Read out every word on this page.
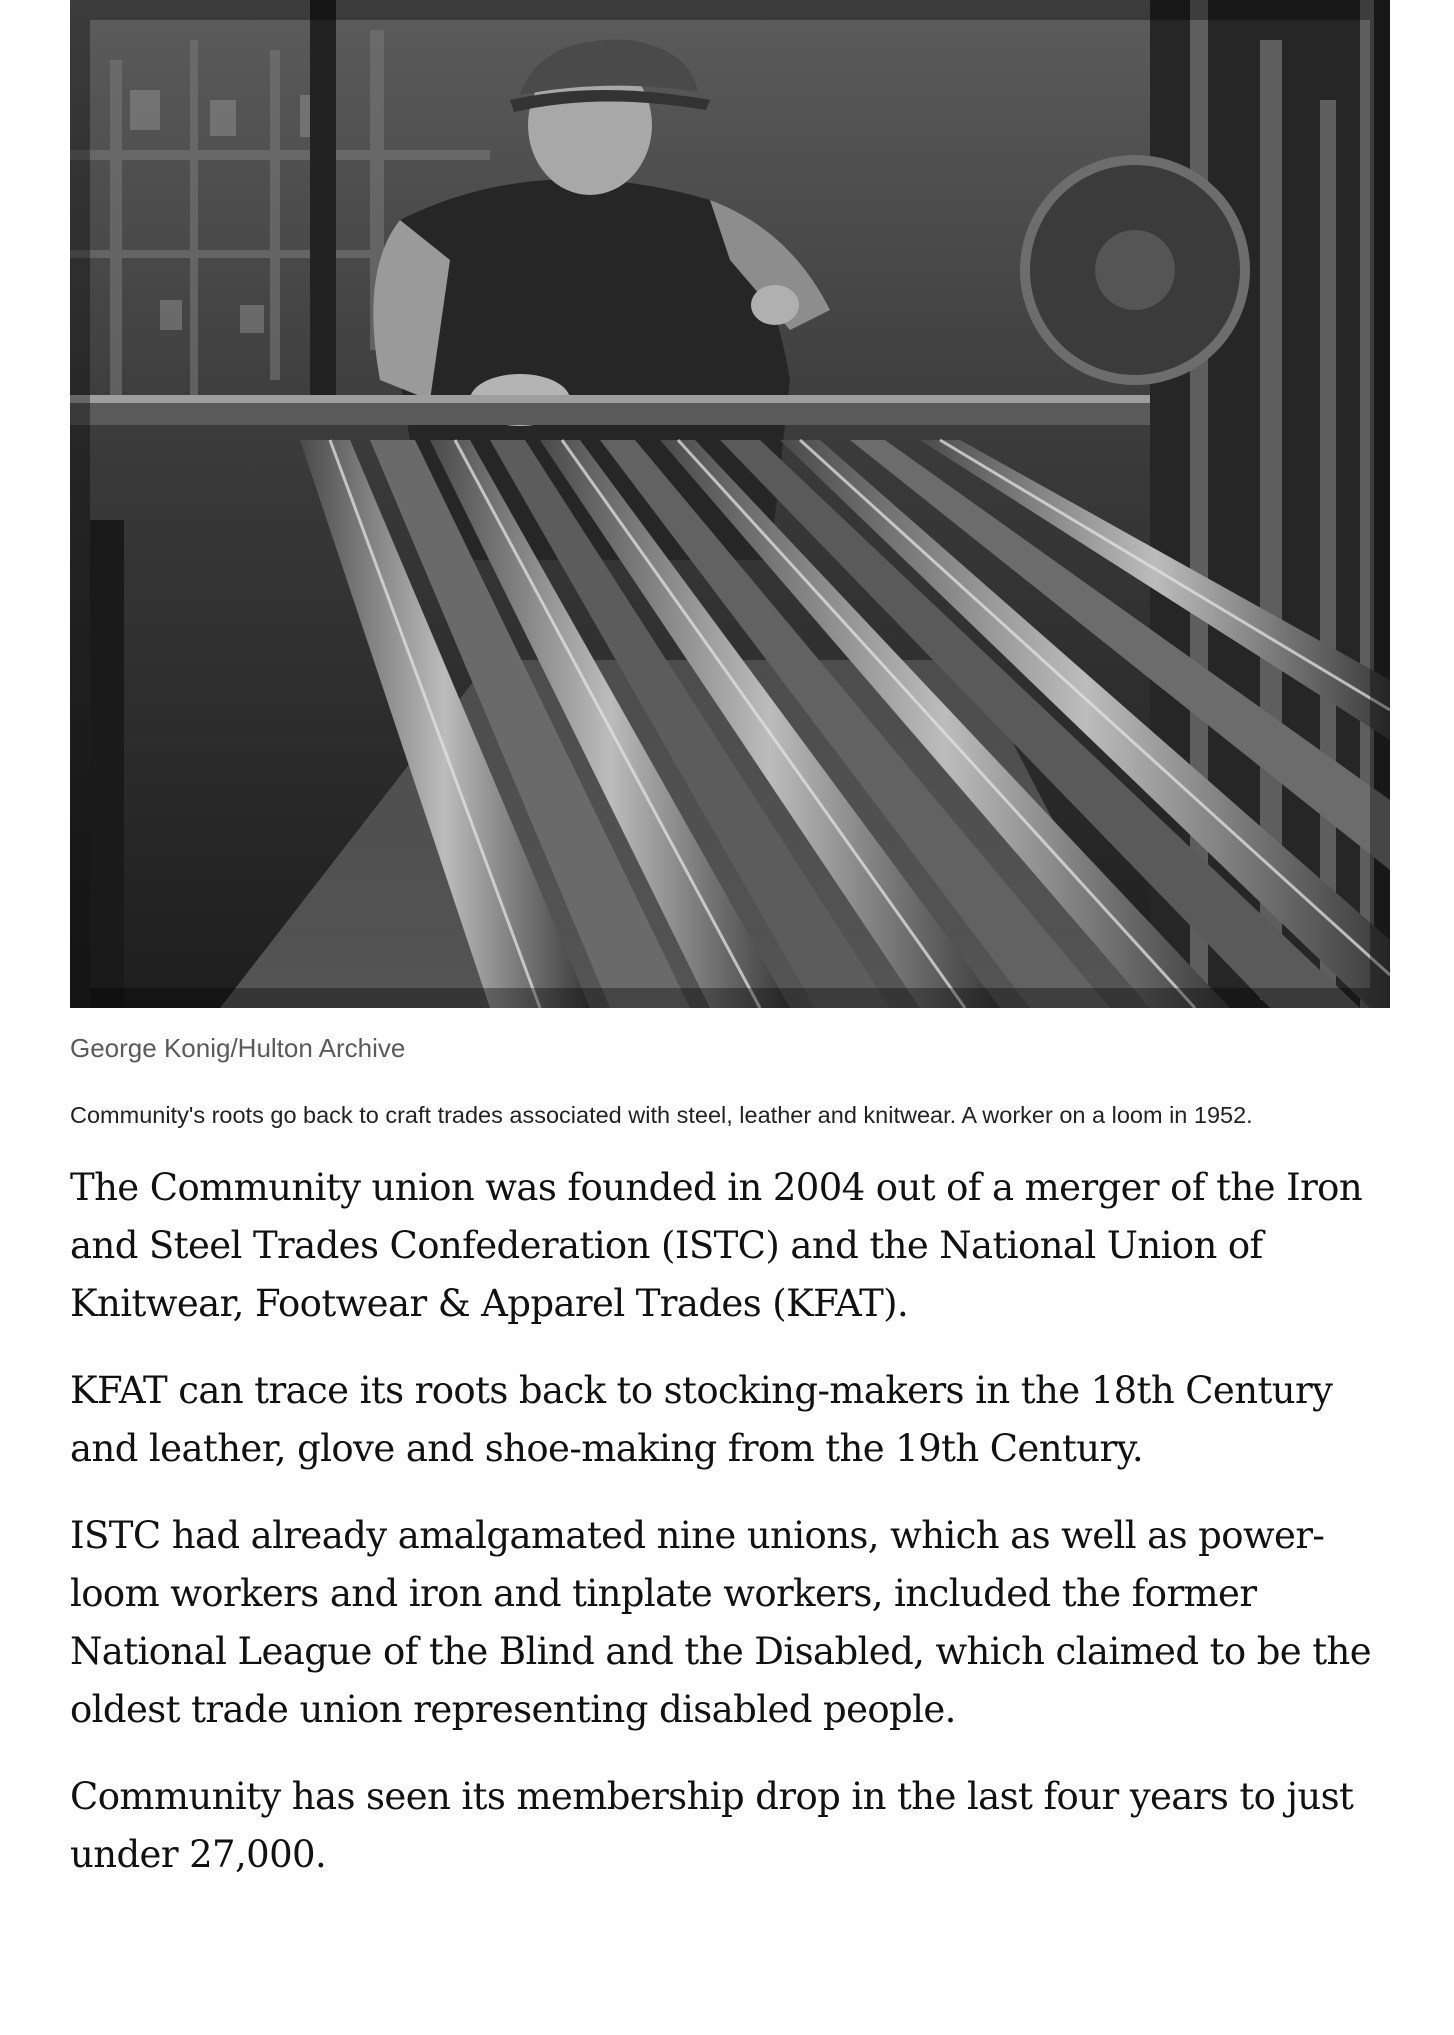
George Konig/Hulton Archive
Community's roots go back to craft trades associated with steel, leather and knitwear. A worker on a loom in 1952.

The Community union was founded in 2004 out of a merger of the Iron and Steel Trades Confederation (ISTC) and the National Union of Knitwear, Footwear & Apparel Trades (KFAT).

KFAT can trace its roots back to stocking-makers in the 18th Century and leather, glove and shoe-making from the 19th Century.

ISTC had already amalgamated nine unions, which as well as power-loom workers and iron and tinplate workers, included the former National League of the Blind and the Disabled, which claimed to be the oldest trade union representing disabled people.

Community has seen its membership drop in the last four years to just under 27,000.
